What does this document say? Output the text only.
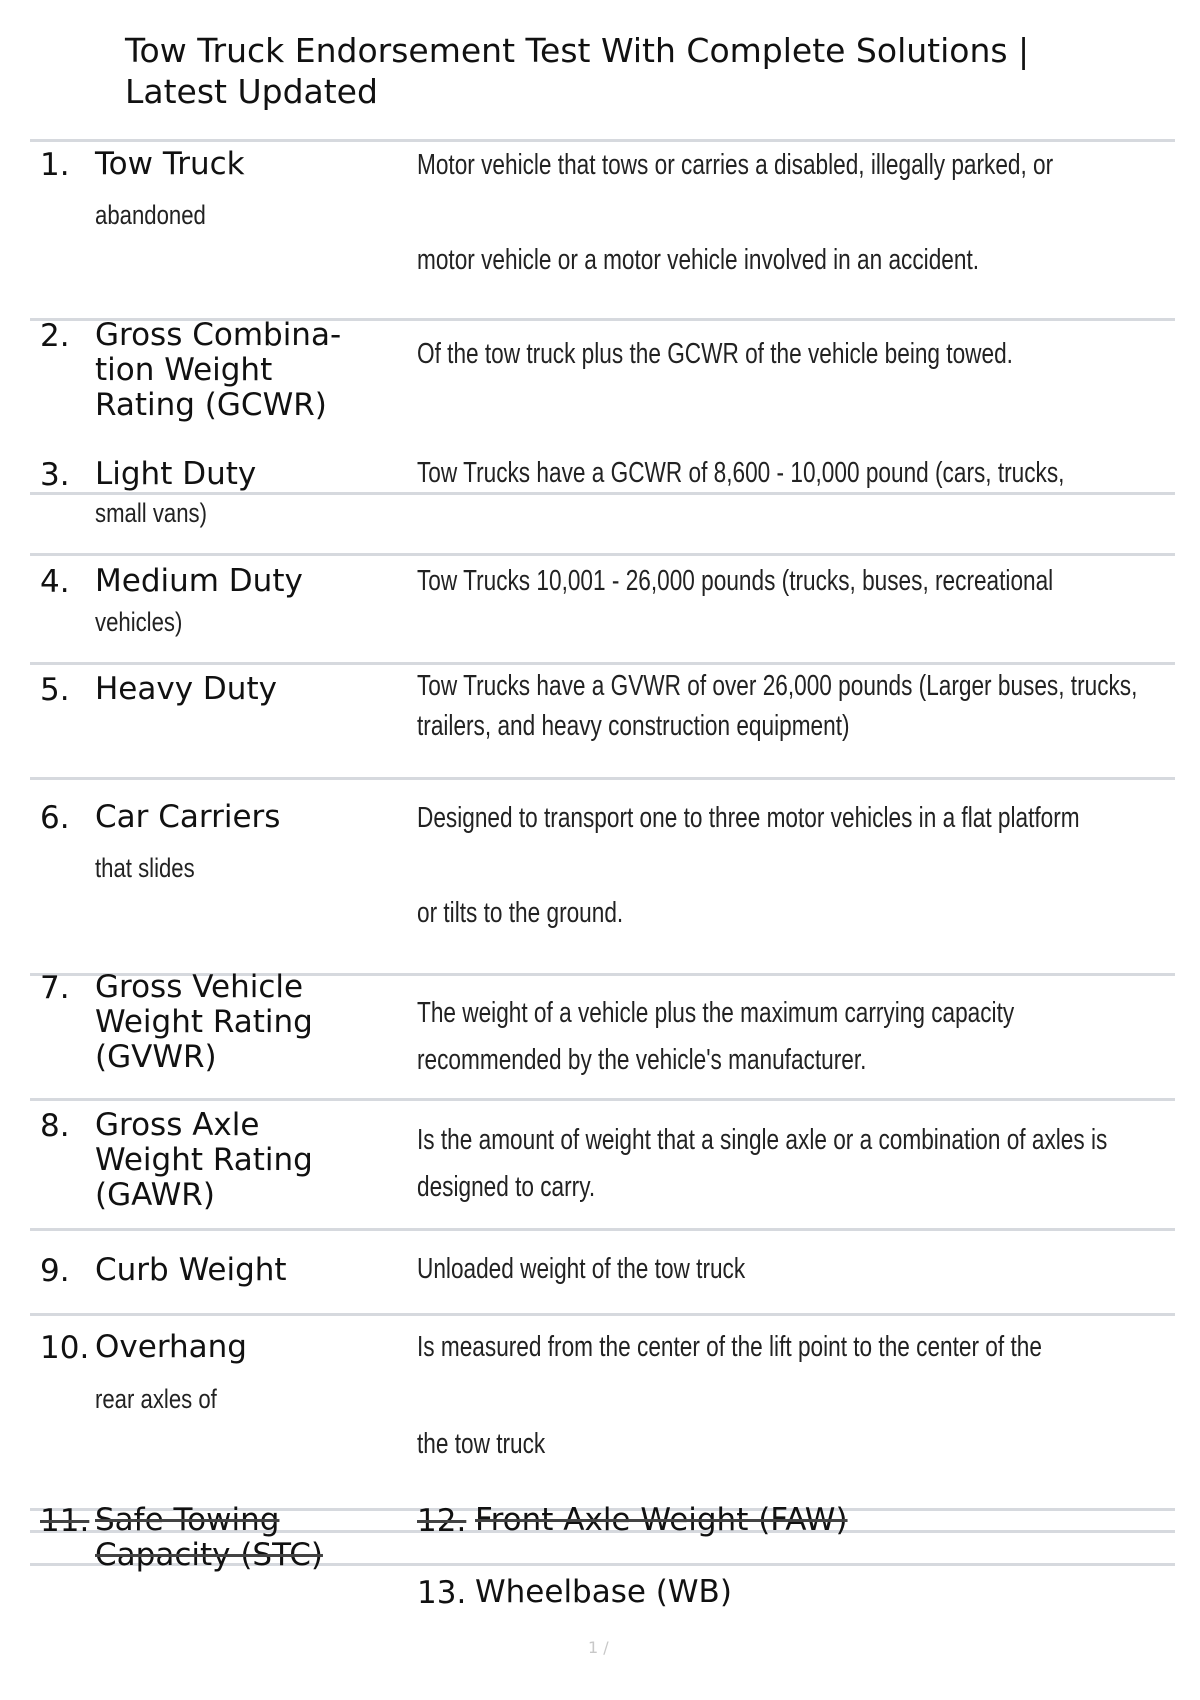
Tow Truck Endorsement Test With Complete Solutions | Latest Updated
1. Tow Truck
abandoned
Motor vehicle that tows or carries a disabled, illegally parked, or
motor vehicle or a motor vehicle involved in an accident.
2. Gross Combina- tion Weight Rating (GCWR)
Of the tow truck plus the GCWR of the vehicle being towed.
3. Light Duty
small vans)
Tow Trucks have a GCWR of 8,600 - 10,000 pound (cars, trucks,
4. Medium Duty
vehicles)
Tow Trucks 10,001 - 26,000 pounds (trucks, buses, recreational
5. Heavy Duty	Tow Trucks have a GVWR of over 26,000 pounds (Larger buses, trucks,
trailers, and heavy construction equipment)
6. Car Carriers
that slides
Designed to transport one to three motor vehicles in a flat platform
or tilts to the ground.
7. Gross Vehicle Weight Rating (GVWR)
The weight of a vehicle plus the maximum carrying capacity
recommended by the vehicle's manufacturer.
8. Gross Axle Weight Rating (GAWR)
Is the amount of weight that a single axle or a combination of axles is
designed to carry.
9. Curb Weight	Unloaded weight of the tow truck
10. Overhang
rear axles of
Is measured from the center of the lift point to the center of the
the tow truck
11. Safe Towing Capacity (STC)
12. Front Axle Weight (FAW)
13. Wheelbase (WB)
1 /
